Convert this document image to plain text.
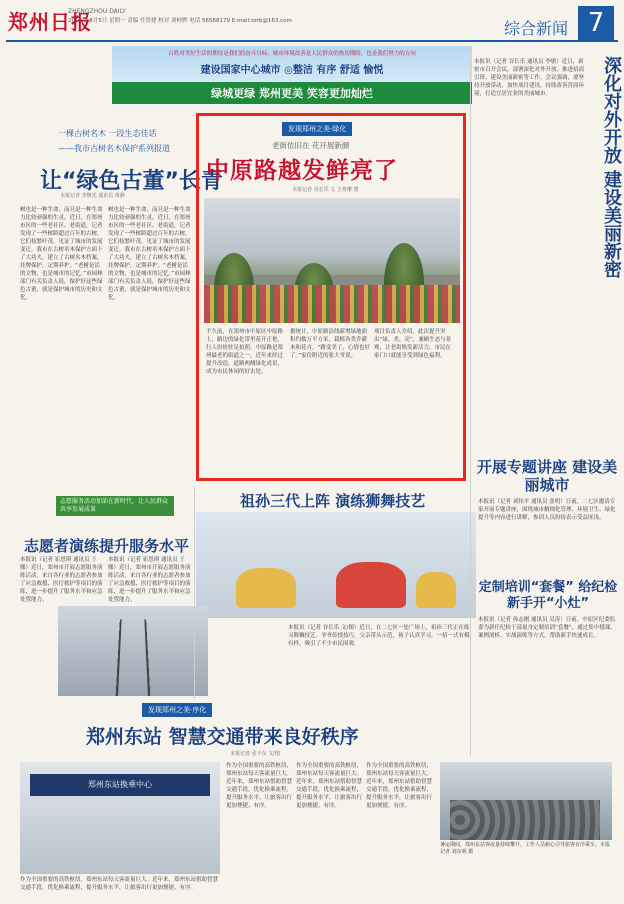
郑州日报
ZHENGZHOU DAILY
2019年 8月5日 星期一 责编 任贺捷 校对 刘柯骅 电话 56568179 E-mail:zzrb@163.com	综合新闻 7
百姓对美好生活的期待是我们的奋斗目标，城市环境改善是人民群众的热切期盼，也是我们努力的方向
建设国家中心城市 ◎整洁 有序 舒适 愉悦
绿城更绿 郑州更美 笑容更加灿烂
一棵古树名木 一段生态佳话
——我市古树名木保护系列报道
让“绿色古董”长青
本报记者 李继光 通讯员 黄静
树也是一种生命，而且是一种生命力比较顽强的生灵。近日，在郑州市区的一些老社区、老街道，记者发现了一些树龄超过百年的古树，它们枝繁叶茂，见证了城市的发展变迁。我市在古树名木保护方面下了大功夫，建立了古树名木档案，挂牌保护，定期养护。“老树是活的文物，也是城市的记忆。”市园林部门有关负责人说，保护好这些绿色古董，就是保护城市的历史和文化。
树也是一种生命，而且是一种生命力比较顽强的生灵。近日，在郑州市区的一些老社区、老街道，记者发现了一些树龄超过百年的古树，它们枝繁叶茂，见证了城市的发展变迁。我市在古树名木保护方面下了大功夫，建立了古树名木档案，挂牌保护，定期养护。“老树是活的文物，也是城市的记忆。”市园林部门有关负责人说，保护好这些绿色古董，就是保护城市的历史和文化。
发现郑州之美·绿化
老街依旧在 花开展新颜
中原路越发鲜亮了
本报记者 谷长乐 文 王秀瓈 图
不久前，在郑州市中原区中原路上，路边的绿化带里花开正艳，行人纷纷驻足拍照。中原路是郑州最老的街道之一，近年来经过提升改造，道路两侧绿化成景，成为市民休闲的好去处。
据统计，中原路沿线新增绿地面积约数万平方米，栽植各类乔灌木和花卉。“路变美了，心情也好了。”家住附近的张大爷说。
项目负责人介绍，此次提升突出“绿、美、亮”，兼顾生态与景观，让老街焕发新活力，市民在家门口就能享受到绿色福利。
深化对外开放 建设美丽新密
本报讯（记者 谷长乐 通讯员 李敏）近日，新密市召开会议，部署深化对外开放、推进招商引资、建设美丽新密等工作。会议强调，要坚持开放带动，加快项目建设，持续改善营商环境，打造宜居宜业的美丽城市。
开展专题讲座 建设美丽城市
本报讯（记者 刘伟平 通讯员 张明）日前，二七区邀请专家开展专题讲座，围绕城市精细化管理、环境卫生、绿化提升等内容进行讲解，参训人员纷纷表示受益匪浅。
定制培训“套餐” 给纪检新手开“小灶”
本报讯（记者 孙志刚 通讯员 吴涛）日前，中原区纪委监委为新任纪检干部量身定制培训“套餐”，通过集中授课、案例剖析、实战演练等方式，帮助新手快速成长。
祖孙三代上阵 演练狮舞技艺
本报讯（记者 谷长乐 文/图）近日，在二七区一处广场上，祖孙三代正在练习舞狮技艺。爷爷传授技巧，父亲带头示范，孩子认真学习，一招一式有模有样，吸引了不少市民围观。
志愿服务活动加油在新时代，让人民群众共享发展成果
志愿者演练提升服务水平
本报讯（记者 崔思琪 通讯员 王娜）近日，郑州市开展志愿服务演练活动，来自各行业的志愿者参加了应急救援、医疗救护等项目的演练，进一步提升了服务水平和应急处置能力。
本报讯（记者 崔思琪 通讯员 王娜）近日，郑州市开展志愿服务演练活动，来自各行业的志愿者参加了应急救援、医疗救护等项目的演练，进一步提升了服务水平和应急处置能力。
发现郑州之美·序化
郑州东站 智慧交通带来良好秩序
本报记者 张丰东 文/图
郑州东站换乘中心
作为全国重要的高铁枢纽，郑州东站每天客流量巨大。近年来，郑州东站借助智慧交通手段，优化换乘流程，提升服务水平，让旅客出行更加便捷、有序。
作为全国重要的高铁枢纽，郑州东站每天客流量巨大。近年来，郑州东站借助智慧交通手段，优化换乘流程，提升服务水平，让旅客出行更加便捷、有序。
作为全国重要的高铁枢纽，郑州东站每天客流量巨大。近年来，郑州东站借助智慧交通手段，优化换乘流程，提升服务水平，让旅客出行更加便捷、有序。
作为全国重要的高铁枢纽，郑州东站每天客流量巨大。近年来，郑州东站借助智慧交通手段，优化换乘流程，提升服务水平，让旅客出行更加便捷、有序。
暑运期间，郑州东站客流量持续攀升，工作人员耐心引导旅客有序乘车。本报记者 刘东明 摄
